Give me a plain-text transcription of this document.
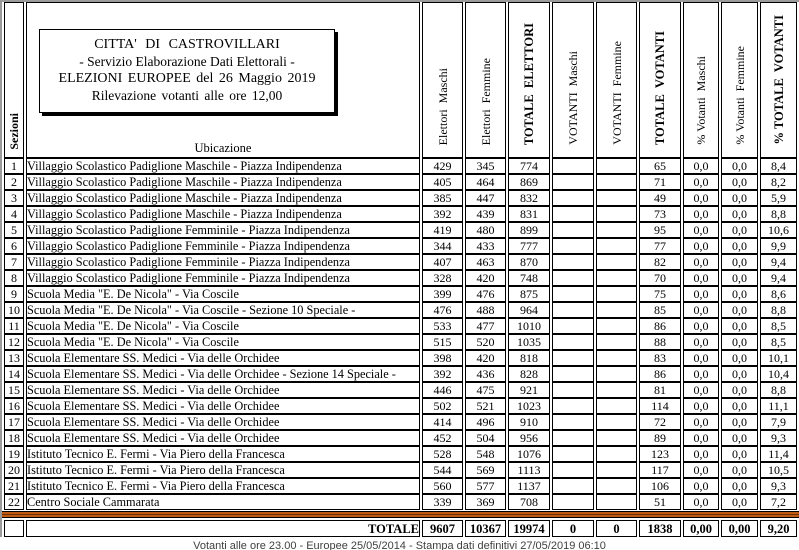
Sezioni	CITTA' DI CASTROVILLARI
- Servizio Elaborazione Dati Elettorali -
ELEZIONI EUROPEE del 26 Maggio 2019
Rilevazione votanti alle ore 12,00
Ubicazione	Elettori  Maschi	Elettori  Femmine	TOTALE  ELETTORI	VOTANTI  Maschi	VOTANTI  Femmine	TOTALE  VOTANTI	% Votanti  Maschi	% Votanti  Femmine	% TOTALE  VOTANTI
1	Villaggio Scolastico Padiglione Maschile - Piazza Indipendenza	429	345	774			65	0,0	0,0	8,4
2	Villaggio Scolastico Padiglione Maschile - Piazza Indipendenza	405	464	869			71	0,0	0,0	8,2
3	Villaggio Scolastico Padiglione Maschile - Piazza Indipendenza	385	447	832			49	0,0	0,0	5,9
4	Villaggio Scolastico Padiglione Maschile - Piazza Indipendenza	392	439	831			73	0,0	0,0	8,8
5	Villaggio Scolastico Padiglione Femminile - Piazza Indipendenza	419	480	899			95	0,0	0,0	10,6
6	Villaggio Scolastico Padiglione Femminile - Piazza Indipendenza	344	433	777			77	0,0	0,0	9,9
7	Villaggio Scolastico Padiglione Femminile - Piazza Indipendenza	407	463	870			82	0,0	0,0	9,4
8	Villaggio Scolastico Padiglione Femminile - Piazza Indipendenza	328	420	748			70	0,0	0,0	9,4
9	Scuola Media "E. De Nicola" - Via Coscile	399	476	875			75	0,0	0,0	8,6
10	Scuola Media "E. De Nicola" - Via Coscile - Sezione 10 Speciale -	476	488	964			85	0,0	0,0	8,8
11	Scuola Media "E. De Nicola" - Via Coscile	533	477	1010			86	0,0	0,0	8,5
12	Scuola Media "E. De Nicola" - Via Coscile	515	520	1035			88	0,0	0,0	8,5
13	Scuola Elementare SS. Medici - Via delle Orchidee	398	420	818			83	0,0	0,0	10,1
14	Scuola Elementare SS. Medici - Via delle Orchidee - Sezione 14 Speciale -	392	436	828			86	0,0	0,0	10,4
15	Scuola Elementare SS. Medici - Via delle Orchidee	446	475	921			81	0,0	0,0	8,8
16	Scuola Elementare SS. Medici - Via delle Orchidee	502	521	1023			114	0,0	0,0	11,1
17	Scuola Elementare SS. Medici - Via delle Orchidee	414	496	910			72	0,0	0,0	7,9
18	Scuola Elementare SS. Medici - Via delle Orchidee	452	504	956			89	0,0	0,0	9,3
19	Istituto Tecnico E. Fermi - Via Piero della Francesca	528	548	1076			123	0,0	0,0	11,4
20	Istituto Tecnico E. Fermi - Via Piero della Francesca	544	569	1113			117	0,0	0,0	10,5
21	Istituto Tecnico E. Fermi - Via Piero della Francesca	560	577	1137			106	0,0	0,0	9,3
22	Centro Sociale Cammarata	339	369	708			51	0,0	0,0	7,2
	TOTALE	9607	10367	19974	0	0	1838	0,00	0,00	9,20
Votanti alle ore 23.00 - Europee 25/05/2014 - Stampa dati definitivi 27/05/2019 06:10
